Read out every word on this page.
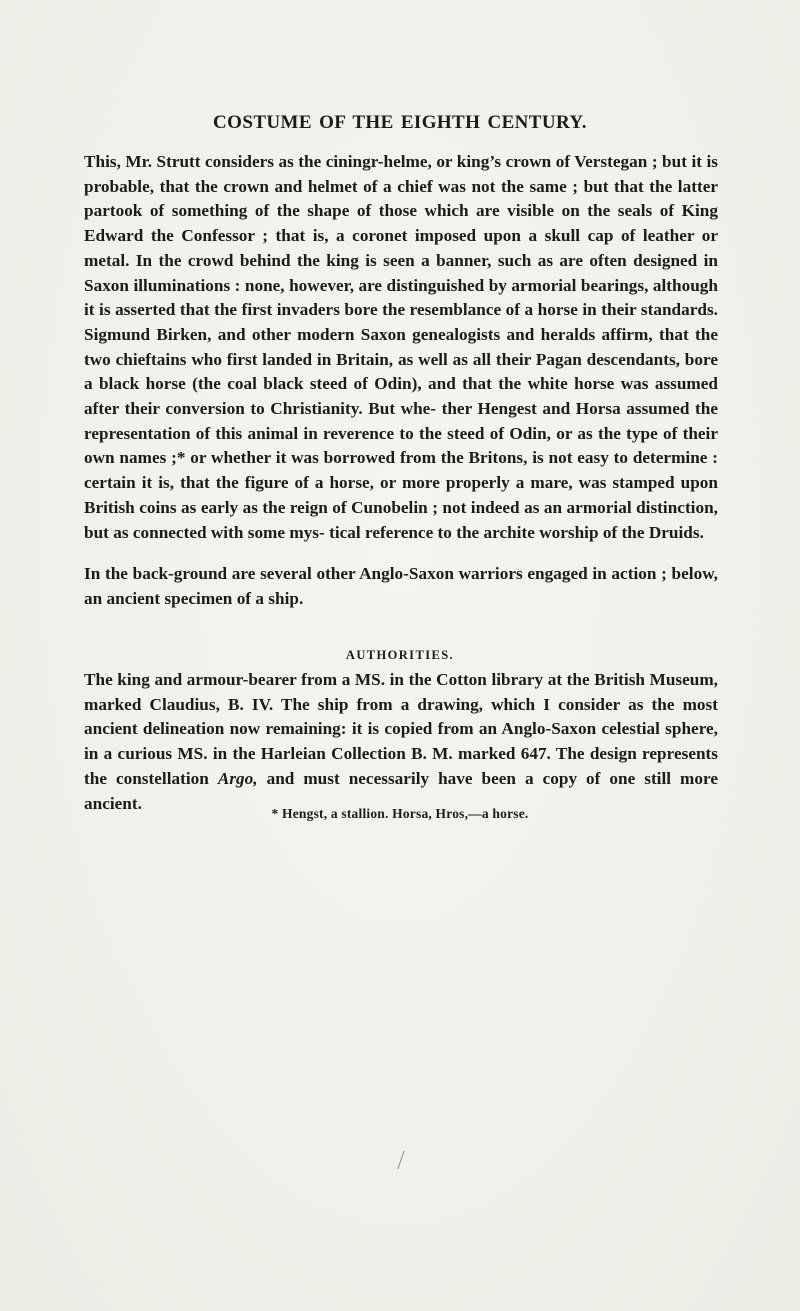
COSTUME OF THE EIGHTH CENTURY.

This, Mr. Strutt considers as the ciningr-helme, or king’s crown of Verstegan ; but it is probable, that the crown and helmet of a chief was not the same ; but that the latter partook of something of the shape of those which are visible on the seals of King Edward the Confessor ; that is, a coronet imposed upon a skull cap of leather or metal. In the crowd behind the king is seen a banner, such as are often designed in Saxon illuminations : none, however, are distinguished by armorial bearings, although it is asserted that the first invaders bore the resemblance of a horse in their standards. Sigmund Birken, and other modern Saxon genealogists and heralds affirm, that the two chieftains who first landed in Britain, as well as all their Pagan descendants, bore a black horse (the coal black steed of Odin), and that the white horse was assumed after their conversion to Christianity. But whe- ther Hengest and Horsa assumed the representation of this animal in reverence to the steed of Odin, or as the type of their own names ;* or whether it was borrowed from the Britons, is not easy to determine : certain it is, that the figure of a horse, or more properly a mare, was stamped upon British coins as early as the reign of Cunobelin ; not indeed as an armorial distinction, but as connected with some mys- tical reference to the archite worship of the Druids.

In the back-ground are several other Anglo-Saxon warriors engaged in action ; below, an ancient specimen of a ship.

AUTHORITIES.

The king and armour-bearer from a MS. in the Cotton library at the British Museum, marked Claudius, B. IV. The ship from a drawing, which I consider as the most ancient delineation now remaining: it is copied from an Anglo-Saxon celestial sphere, in a curious MS. in the Harleian Collection B. M. marked 647. The design represents the constellation Argo, and must necessarily have been a copy of one still more ancient.

* Hengst, a stallion. Horsa, Hros,—a horse.
